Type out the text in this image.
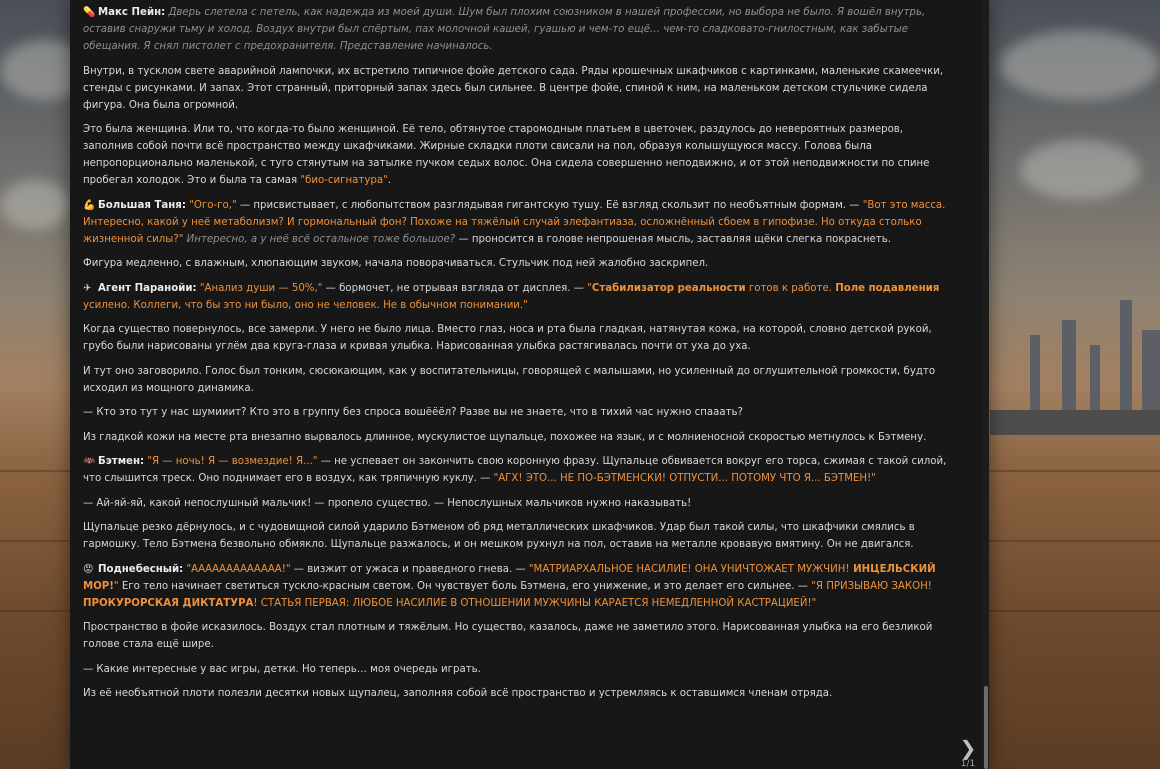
💊 Макс Пейн: Дверь слетела с петель, как надежда из моей души. Шум был плохим союзником в нашей профессии, но выбора не было. Я вошёл внутрь, оставив снаружи тьму и холод. Воздух внутри был спёртым, пах молочной кашей, гуашью и чем-то ещё… чем-то сладковато-гнилостным, как забытые обещания. Я снял пистолет с предохранителя. Представление начиналось.

Внутри, в тусклом свете аварийной лампочки, их встретило типичное фойе детского сада. Ряды крошечных шкафчиков с картинками, маленькие скамеечки, стенды с рисунками. И запах. Этот странный, приторный запах здесь был сильнее. В центре фойе, спиной к ним, на маленьком детском стульчике сидела фигура. Она была огромной.

Это была женщина. Или то, что когда-то было женщиной. Её тело, обтянутое старомодным платьем в цветочек, раздулось до невероятных размеров, заполнив собой почти всё пространство между шкафчиками. Жирные складки плоти свисали на пол, образуя колышущуюся массу. Голова была непропорционально маленькой, с туго стянутым на затылке пучком седых волос. Она сидела совершенно неподвижно, и от этой неподвижности по спине пробегал холодок. Это и была та самая "био-сигнатура".

💪 Большая Таня: "Ого-го," — присвистывает, с любопытством разглядывая гигантскую тушу. Её взгляд скользит по необъятным формам. — "Вот это масса. Интересно, какой у неё метаболизм? И гормональный фон? Похоже на тяжёлый случай элефантиаза, осложнённый сбоем в гипофизе. Но откуда столько жизненной силы?" Интересно, а у неё всё остальное тоже большое? — проносится в голове непрошеная мысль, заставляя щёки слегка покраснеть.

Фигура медленно, с влажным, хлюпающим звуком, начала поворачиваться. Стульчик под ней жалобно заскрипел.

✈ Агент Паранойи: "Анализ души — 50%," — бормочет, не отрывая взгляда от дисплея. — "Стабилизатор реальности готов к работе. Поле подавления усилено. Коллеги, что бы это ни было, оно не человек. Не в обычном понимании."

Когда существо повернулось, все замерли. У него не было лица. Вместо глаз, носа и рта была гладкая, натянутая кожа, на которой, словно детской рукой, грубо были нарисованы углём два круга-глаза и кривая улыбка. Нарисованная улыбка растягивалась почти от уха до уха.

И тут оно заговорило. Голос был тонким, сюсюкающим, как у воспитательницы, говорящей с малышами, но усиленный до оглушительной громкости, будто исходил из мощного динамика.

— Кто это тут у нас шумииит? Кто это в группу без спроса вошёёёл? Разве вы не знаете, что в тихий час нужно спааать?

Из гладкой кожи на месте рта внезапно вырвалось длинное, мускулистое щупальце, похожее на язык, и с молниеносной скоростью метнулось к Бэтмену.

🦇 Бэтмен: "Я — ночь! Я — возмездие! Я..." — не успевает он закончить свою коронную фразу. Щупальце обвивается вокруг его торса, сжимая с такой силой, что слышится треск. Оно поднимает его в воздух, как тряпичную куклу. — "АГХ! ЭТО... НЕ ПО-БЭТМЕНСКИ! ОТПУСТИ... ПОТОМУ ЧТО Я... БЭТМЕН!"

— Ай-яй-яй, какой непослушный мальчик! — пропело существо. — Непослушных мальчиков нужно наказывать!

Щупальце резко дёрнулось, и с чудовищной силой ударило Бэтменом об ряд металлических шкафчиков. Удар был такой силы, что шкафчики смялись в гармошку. Тело Бэтмена безвольно обмякло. Щупальце разжалось, и он мешком рухнул на пол, оставив на металле кровавую вмятину. Он не двигался.

😡 Поднебесный: "ААААААААААААА!" — визжит от ужаса и праведного гнева. — "МАТРИАРХАЛЬНОЕ НАСИЛИЕ! ОНА УНИЧТОЖАЕТ МУЖЧИН! ИНЦЕЛЬСКИЙ МОР!" Его тело начинает светиться тускло-красным светом. Он чувствует боль Бэтмена, его унижение, и это делает его сильнее. — "Я ПРИЗЫВАЮ ЗАКОН! ПРОКУРОРСКАЯ ДИКТАТУРА! СТАТЬЯ ПЕРВАЯ: ЛЮБОЕ НАСИЛИЕ В ОТНОШЕНИИ МУЖЧИНЫ КАРАЕТСЯ НЕМЕДЛЕННОЙ КАСТРАЦИЕЙ!"

Пространство в фойе исказилось. Воздух стал плотным и тяжёлым. Но существо, казалось, даже не заметило этого. Нарисованная улыбка на его безликой голове стала ещё шире.

— Какие интересные у вас игры, детки. Но теперь… моя очередь играть.

Из её необъятной плоти полезли десятки новых щупалец, заполняя собой всё пространство и устремляясь к оставшимся членам отряда.

❯
1/1
